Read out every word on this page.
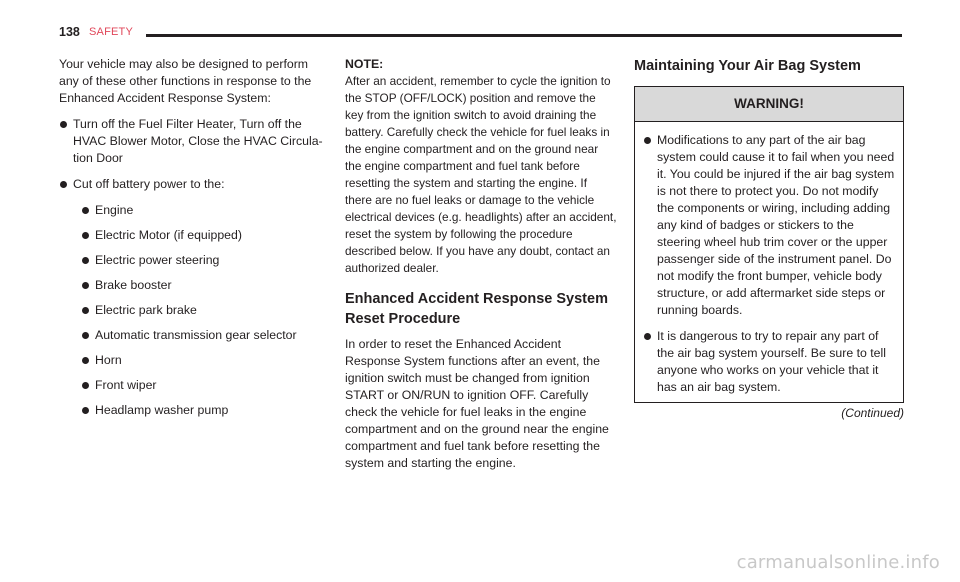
138 SAFETY

Your vehicle may also be designed to perform any of these other functions in response to the Enhanced Accident Response System:

Turn off the Fuel Filter Heater, Turn off the HVAC Blower Motor, Close the HVAC Circula-tion Door
Cut off battery power to the:
Engine
Electric Motor (if equipped)
Electric power steering
Brake booster
Electric park brake
Automatic transmission gear selector
Horn
Front wiper
Headlamp washer pump

NOTE:

After an accident, remember to cycle the ignition to the STOP (OFF/LOCK) position and remove the key from the ignition switch to avoid draining the battery. Carefully check the vehicle for fuel leaks in the engine compartment and on the ground near the engine compartment and fuel tank before resetting the system and starting the engine. If there are no fuel leaks or damage to the vehicle electrical devices (e.g. headlights) after an accident, reset the system by following the procedure described below. If you have any doubt, contact an authorized dealer.

Enhanced Accident Response System
Reset Procedure

In order to reset the Enhanced Accident Response System functions after an event, the ignition switch must be changed from ignition START or ON/RUN to ignition OFF. Carefully check the vehicle for fuel leaks in the engine compartment and on the ground near the engine compartment and fuel tank before resetting the system and starting the engine.

Maintaining Your Air Bag System
WARNING!
Modifications to any part of the air bag system could cause it to fail when you need it. You could be injured if the air bag system is not there to protect you. Do not modify the components or wiring, including adding any kind of badges or stickers to the steering wheel hub trim cover or the upper passenger side of the instrument panel. Do not modify the front bumper, vehicle body structure, or add aftermarket side steps or running boards.
It is dangerous to try to repair any part of the air bag system yourself. Be sure to tell anyone who works on your vehicle that it has an air bag system.
(Continued)
carmanualsonline.info
